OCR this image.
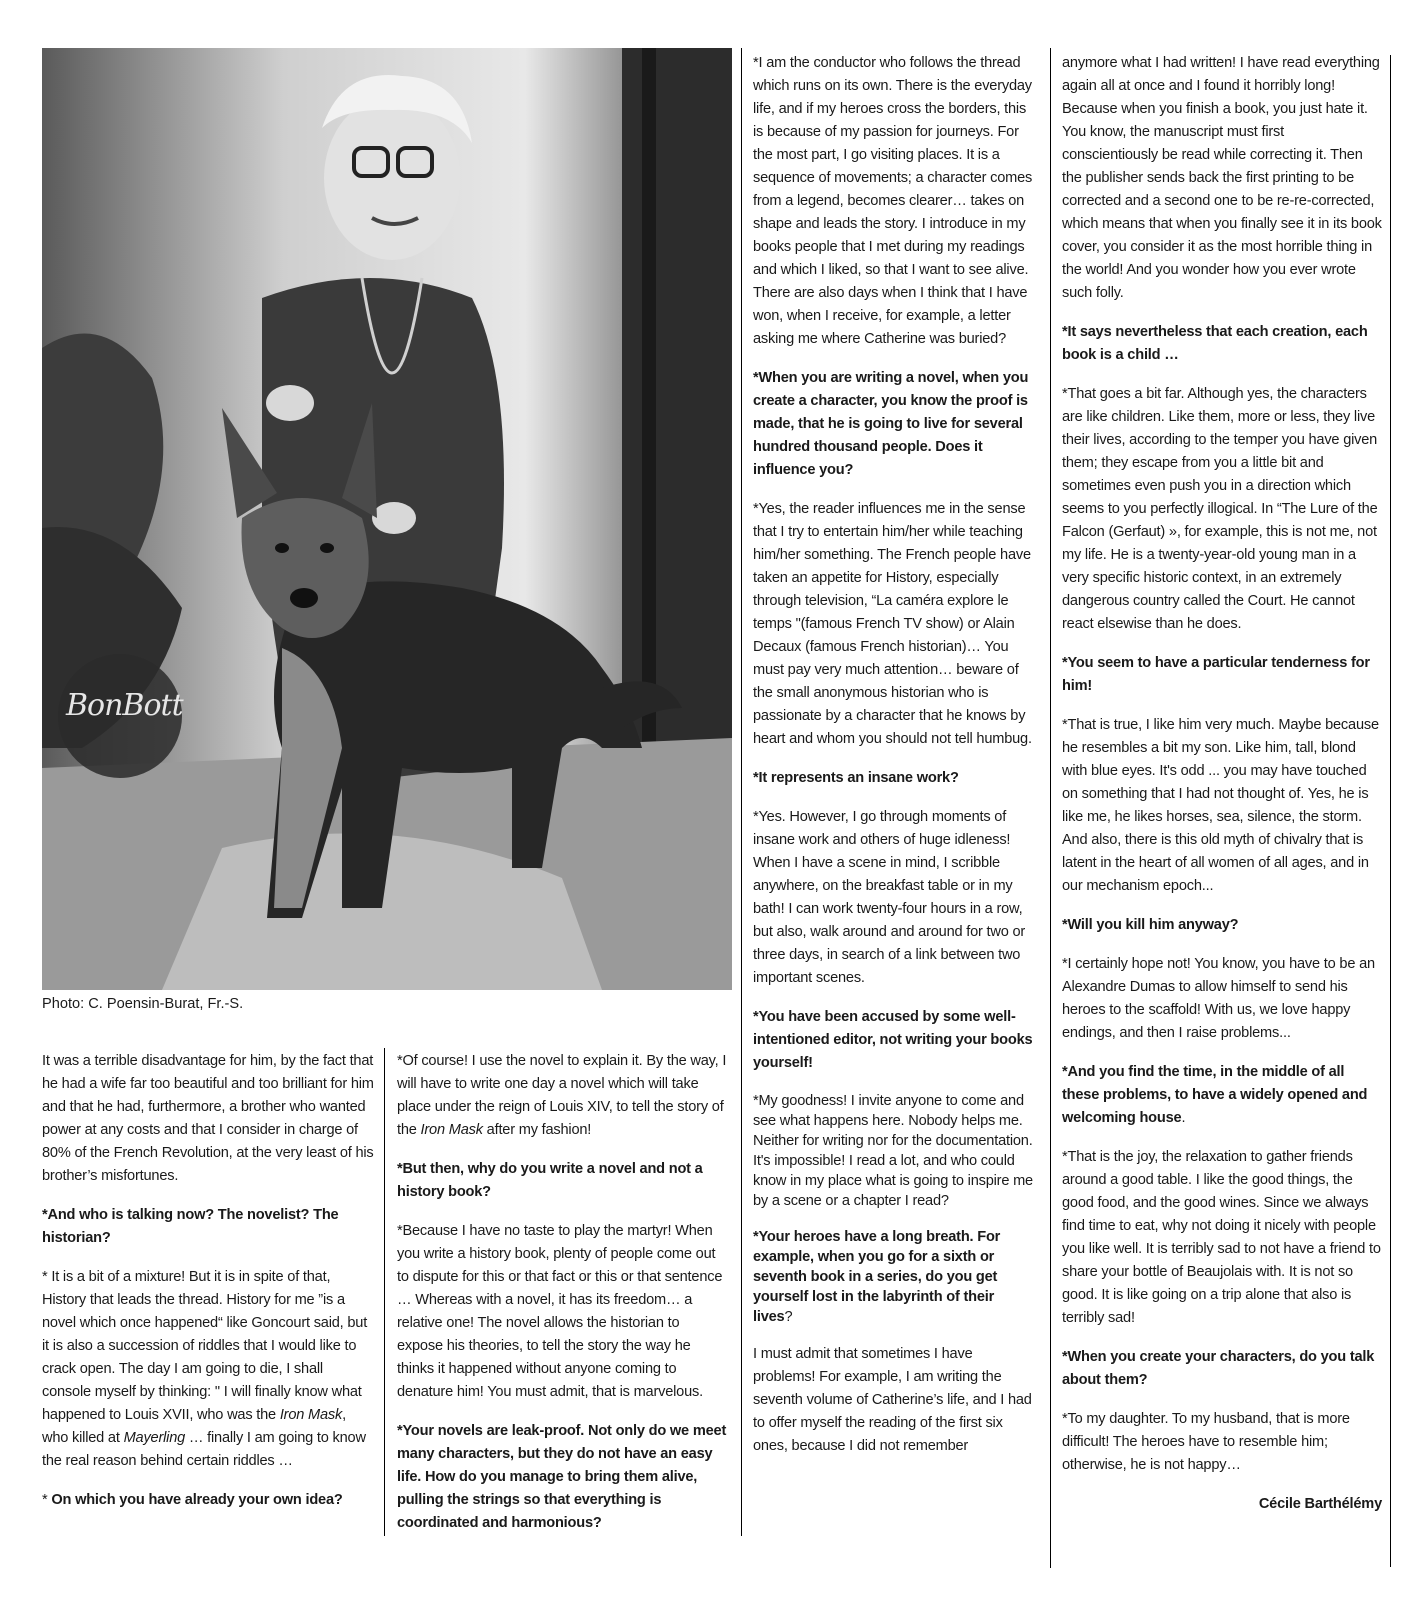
BonBott
Photo: C. Poensin-Burat, Fr.-S.

It was a terrible disadvantage for him, by the fact that he had a wife far too beautiful and too brilliant for him and that he had, furthermore, a brother who wanted power at any costs and that I consider in charge of 80% of the French Revolution, at the very least of his brother’s misfortunes.

*And who is talking now? The novelist? The historian?

* It is a bit of a mixture! But it is in spite of that, History that leads the thread. History for me ”is a novel which once happened“ like Goncourt said, but it is also a succession of riddles that I would like to crack open. The day I am going to die, I shall console myself by thinking: " I will finally know what happened to Louis XVII, who was the Iron Mask, who killed at Mayerling … finally I am going to know the real reason behind certain riddles …

* On which you have already your own idea?

*Of course! I use the novel to explain it. By the way, I will have to write one day a novel which will take place under the reign of Louis XIV, to tell the story of the Iron Mask after my fashion!

*But then, why do you write a novel and not a history book?

*Because I have no taste to play the martyr! When you write a history book, plenty of people come out to dispute for this or that fact or this or that sentence … Whereas with a novel, it has its freedom… a relative one! The novel allows the historian to expose his theories, to tell the story the way he thinks it happened without anyone coming to denature him! You must admit, that is marvelous.

*Your novels are leak-proof. Not only do we meet many characters, but they do not have an easy life. How do you manage to bring them alive, pulling the strings so that everything is coordinated and harmonious?

*I am the conductor who follows the thread which runs on its own. There is the everyday life, and if my heroes cross the borders, this is because of my passion for journeys. For the most part, I go visiting places. It is a sequence of movements; a character comes from a legend, becomes clearer… takes on shape and leads the story. I introduce in my books people that I met during my readings and which I liked, so that I want to see alive. There are also days when I think that I have won, when I receive, for example, a letter asking me where Catherine was buried?

*When you are writing a novel, when you create a character, you know the proof is made, that he is going to live for several hundred thousand people. Does it influence you?

*Yes, the reader influences me in the sense that I try to entertain him/her while teaching him/her something. The French people have taken an appetite for History, especially through television, “La caméra explore le temps "(famous French TV show) or Alain Decaux (famous French historian)… You must pay very much attention… beware of the small anonymous historian who is passionate by a character that he knows by heart and whom you should not tell humbug.

*It represents an insane work?

*Yes. However, I go through moments of insane work and others of huge idleness! When I have a scene in mind, I scribble anywhere, on the breakfast table or in my bath! I can work twenty-four hours in a row, but also, walk around and around for two or three days, in search of a link between two important scenes.

*You have been accused by some well-intentioned editor, not writing your books yourself!

*My goodness! I invite anyone to come and see what happens here. Nobody helps me. Neither for writing nor for the documentation. It's impossible! I read a lot, and who could know in my place what is going to inspire me by a scene or a chapter I read?

*Your heroes have a long breath. For example, when you go for a sixth or seventh book in a series, do you get yourself lost in the labyrinth of their lives?

I must admit that sometimes I have problems! For example, I am writing the seventh volume of Catherine’s life, and I had to offer myself the reading of the first six ones, because I did not remember

anymore what I had written! I have read everything again all at once and I found it horribly long! Because when you finish a book, you just hate it. You know, the manuscript must first conscientiously be read while correcting it. Then the publisher sends back the first printing to be corrected and a second one to be re-re-corrected, which means that when you finally see it in its book cover, you consider it as the most horrible thing in the world! And you wonder how you ever wrote such folly.

*It says nevertheless that each creation, each book is a child …

*That goes a bit far. Although yes, the characters are like children. Like them, more or less, they live their lives, according to the temper you have given them; they escape from you a little bit and sometimes even push you in a direction which seems to you perfectly illogical. In “The Lure of the Falcon (Gerfaut) », for example, this is not me, not my life. He is a twenty-year-old young man in a very specific historic context, in an extremely dangerous country called the Court. He cannot react elsewise than he does.

*You seem to have a particular tenderness for him!

*That is true, I like him very much. Maybe because he resembles a bit my son. Like him, tall, blond with blue eyes. It's odd ... you may have touched on something that I had not thought of. Yes, he is like me, he likes horses, sea, silence, the storm. And also, there is this old myth of chivalry that is latent in the heart of all women of all ages, and in our mechanism epoch...

*Will you kill him anyway?

*I certainly hope not! You know, you have to be an Alexandre Dumas to allow himself to send his heroes to the scaffold! With us, we love happy endings, and then I raise problems...

*And you find the time, in the middle of all these problems, to have a widely opened and welcoming house.

*That is the joy, the relaxation to gather friends around a good table. I like the good things, the good food, and the good wines. Since we always find time to eat, why not doing it nicely with people you like well. It is terribly sad to not have a friend to share your bottle of Beaujolais with. It is not so good. It is like going on a trip alone that also is terribly sad!

*When you create your characters, do you talk about them?

*To my daughter. To my husband, that is more difficult! The heroes have to resemble him; otherwise, he is not happy…

Cécile Barthélémy
